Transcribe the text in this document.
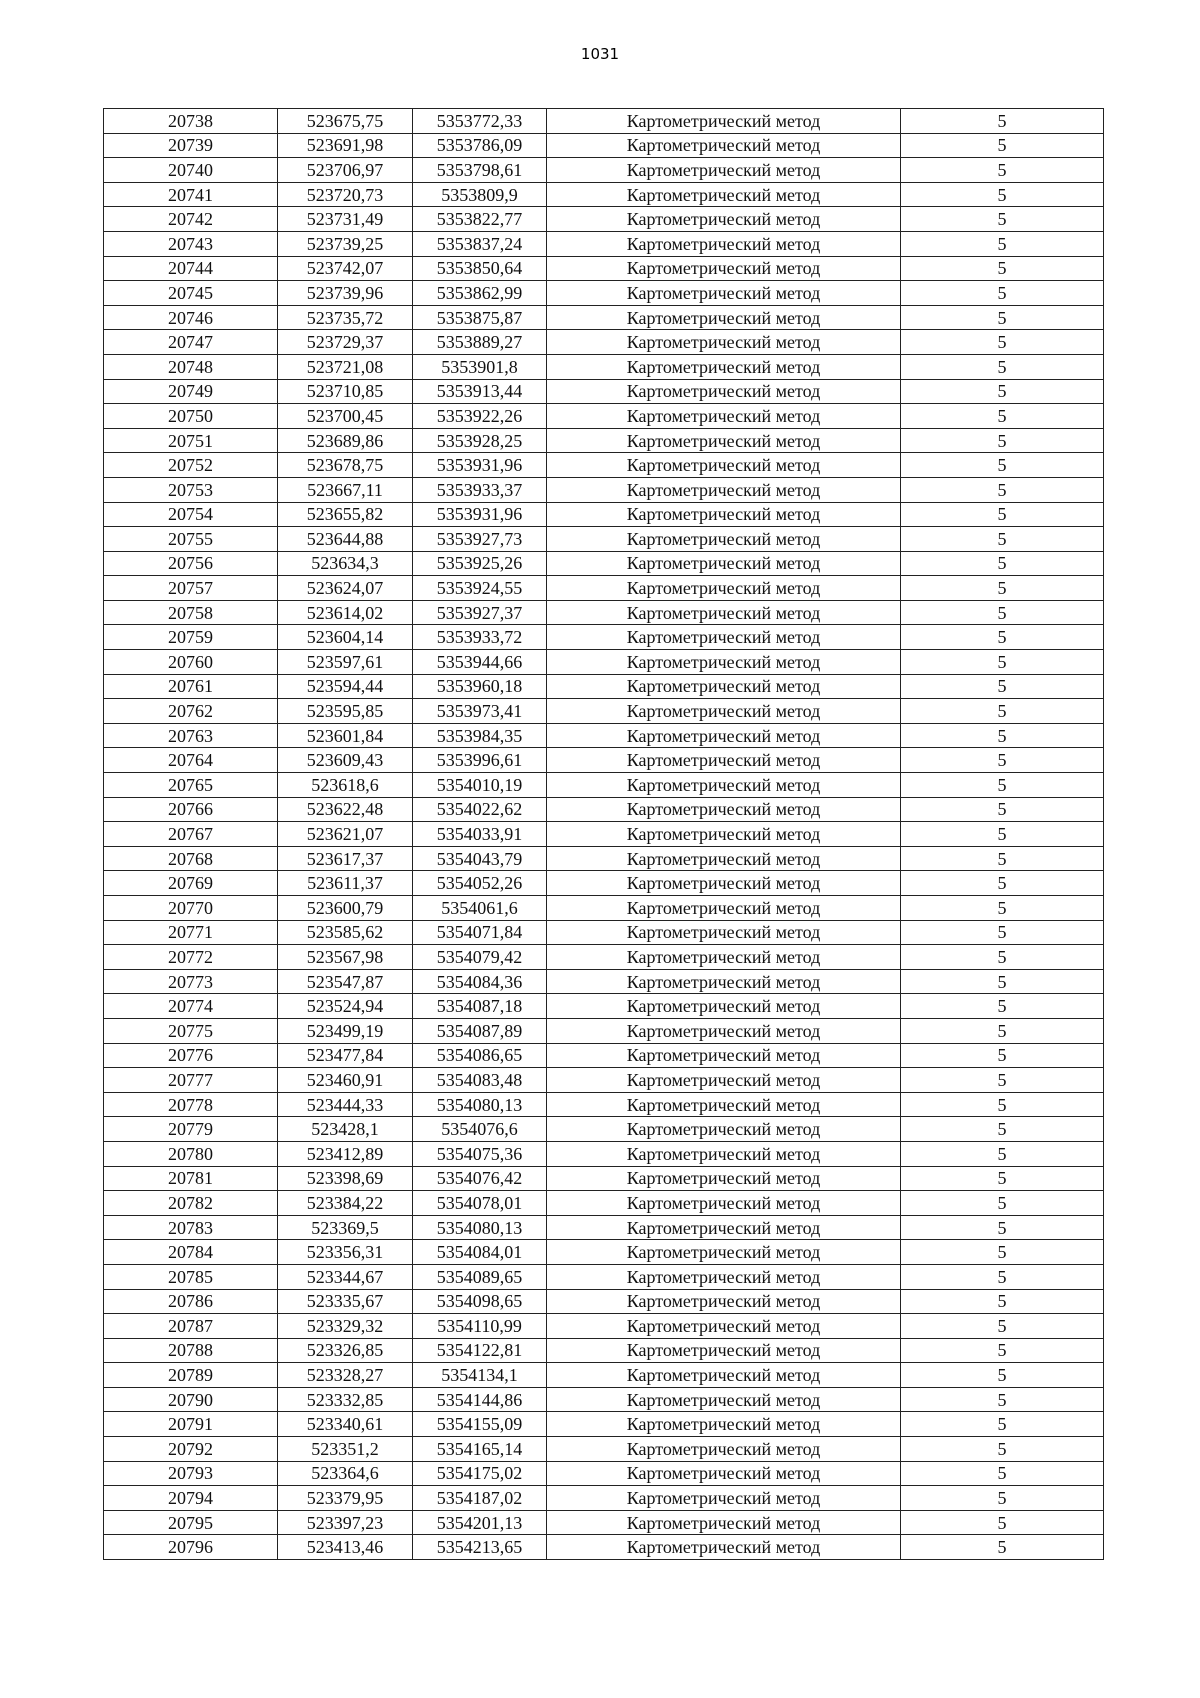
1031
20738	523675,75	5353772,33	Картометрический метод	5
20739	523691,98	5353786,09	Картометрический метод	5
20740	523706,97	5353798,61	Картометрический метод	5
20741	523720,73	5353809,9	Картометрический метод	5
20742	523731,49	5353822,77	Картометрический метод	5
20743	523739,25	5353837,24	Картометрический метод	5
20744	523742,07	5353850,64	Картометрический метод	5
20745	523739,96	5353862,99	Картометрический метод	5
20746	523735,72	5353875,87	Картометрический метод	5
20747	523729,37	5353889,27	Картометрический метод	5
20748	523721,08	5353901,8	Картометрический метод	5
20749	523710,85	5353913,44	Картометрический метод	5
20750	523700,45	5353922,26	Картометрический метод	5
20751	523689,86	5353928,25	Картометрический метод	5
20752	523678,75	5353931,96	Картометрический метод	5
20753	523667,11	5353933,37	Картометрический метод	5
20754	523655,82	5353931,96	Картометрический метод	5
20755	523644,88	5353927,73	Картометрический метод	5
20756	523634,3	5353925,26	Картометрический метод	5
20757	523624,07	5353924,55	Картометрический метод	5
20758	523614,02	5353927,37	Картометрический метод	5
20759	523604,14	5353933,72	Картометрический метод	5
20760	523597,61	5353944,66	Картометрический метод	5
20761	523594,44	5353960,18	Картометрический метод	5
20762	523595,85	5353973,41	Картометрический метод	5
20763	523601,84	5353984,35	Картометрический метод	5
20764	523609,43	5353996,61	Картометрический метод	5
20765	523618,6	5354010,19	Картометрический метод	5
20766	523622,48	5354022,62	Картометрический метод	5
20767	523621,07	5354033,91	Картометрический метод	5
20768	523617,37	5354043,79	Картометрический метод	5
20769	523611,37	5354052,26	Картометрический метод	5
20770	523600,79	5354061,6	Картометрический метод	5
20771	523585,62	5354071,84	Картометрический метод	5
20772	523567,98	5354079,42	Картометрический метод	5
20773	523547,87	5354084,36	Картометрический метод	5
20774	523524,94	5354087,18	Картометрический метод	5
20775	523499,19	5354087,89	Картометрический метод	5
20776	523477,84	5354086,65	Картометрический метод	5
20777	523460,91	5354083,48	Картометрический метод	5
20778	523444,33	5354080,13	Картометрический метод	5
20779	523428,1	5354076,6	Картометрический метод	5
20780	523412,89	5354075,36	Картометрический метод	5
20781	523398,69	5354076,42	Картометрический метод	5
20782	523384,22	5354078,01	Картометрический метод	5
20783	523369,5	5354080,13	Картометрический метод	5
20784	523356,31	5354084,01	Картометрический метод	5
20785	523344,67	5354089,65	Картометрический метод	5
20786	523335,67	5354098,65	Картометрический метод	5
20787	523329,32	5354110,99	Картометрический метод	5
20788	523326,85	5354122,81	Картометрический метод	5
20789	523328,27	5354134,1	Картометрический метод	5
20790	523332,85	5354144,86	Картометрический метод	5
20791	523340,61	5354155,09	Картометрический метод	5
20792	523351,2	5354165,14	Картометрический метод	5
20793	523364,6	5354175,02	Картометрический метод	5
20794	523379,95	5354187,02	Картометрический метод	5
20795	523397,23	5354201,13	Картометрический метод	5
20796	523413,46	5354213,65	Картометрический метод	5
